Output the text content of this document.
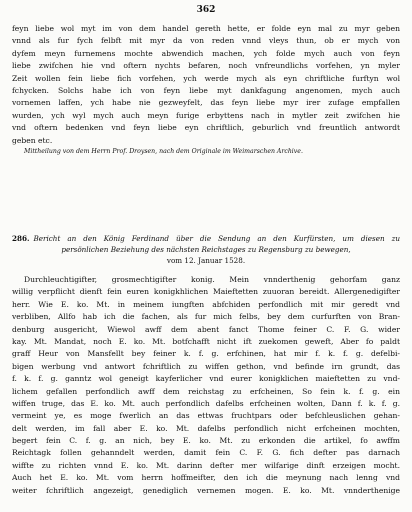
362
feyn liebe wol myt im von dem handel gereth hette, er folde eyn mal zu myr geben
vnnd als fur fych felbft mit myr da von reden vnnd vleys thun, ob er mych von
dyfem meyn furnemens mochte abwendich machen, ych folde mych auch von feyn
liebe zwifchen hie vnd oftern nychts befaren, noch vnfreundlichs vorfehen, yn myler
Zeit wollen fein liebe fich vorfehen, ych werde mych als eyn chriftliche furftyn wol
fchycken. Solchs habe ich von feyn liebe myt dankfagung angenomen, mych auch
vornemen laffen, ych habe nie gezweyfelt, das feyn liebe myr irer zufage empfallen
wurden, ych wyl mych auch meyn furige erbyttens nach in mytler zeit zwifchen hie
vnd oftern bedenken vnd feyn liebe eyn chriftlich, geburlich vnd freuntlich antwordt
geben etc.
Mittheilung von dem Herrn Prof. Droysen, nach dem Originale im Weimarschen Archive.
286. Bericht an den König Ferdinand über die Sendung an den Kurfürsten, um diesen zu
persönlichen Beziehung des nächsten Reichstages zu Regensburg zu bewegen,
vom 12. Januar 1528.
Durchleuchtigifter, grosmechtigifter konig. Mein vnnderthenig gehorfam ganz
willig verpflicht dienft fein euren konigkhlichen Maieftetten zuuoran bereidt. Allergenedigifter
herr. Wie E. ko. Mt. in meinem iungften abfchiden perfondlich mit mir geredt vnd
verbliben, Allfo hab ich die fachen, als fur mich felbs, bey dem curfurften von Bran-
denburg ausgericht, Wiewol awff dem abent fanct Thome feiner C. F. G. wider
kay. Mt. Mandat, noch E. ko. Mt. botfchafft nicht ift zuekomen geweft, Aber fo paldt
graff Heur von Mansfellt bey feiner k. f. g. erfchinen, hat mir f. k. f. g. defelbi-
bigen werbung vnd antwort fchriftlich zu wiffen gethon, vnd befinde irn grundt, das
f. k. f. g. ganntz wol geneigt kayferlicher vnd eurer konigklichen maieftetten zu vnd-
lichem gefallen perfondlich awff dem reichstag zu erfcheinen, So fein k. f. g. ein
wiffen truge, das E. ko. Mt. auch perfondlich dafelbs erfcheinen wolten, Dann f. k. f. g.
vermeint ye, es moge fwerlich an das ettwas fruchtpars oder befchleuslichen gehan-
delt werden, im fall aber E. ko. Mt. dafelbs perfondlich nicht erfcheinen mochten,
begert fein C. f. g. an nich, bey E. ko. Mt. zu erkonden die artikel, fo awffm
Reichtagk follen gehanndelt werden, damit fein C. F. G. fich defter pas darnach
wiffte zu richten vnnd E. ko. Mt. darinn defter mer wilfarige dinft erzeigen mocht.
Auch het E. ko. Mt. vom herrn hoffmeifter, den ich die meynung nach lenng vnd
weiter fchriftlich angezeigt, genediglich vernemen mogen. E. ko. Mt. vnnderthenige
